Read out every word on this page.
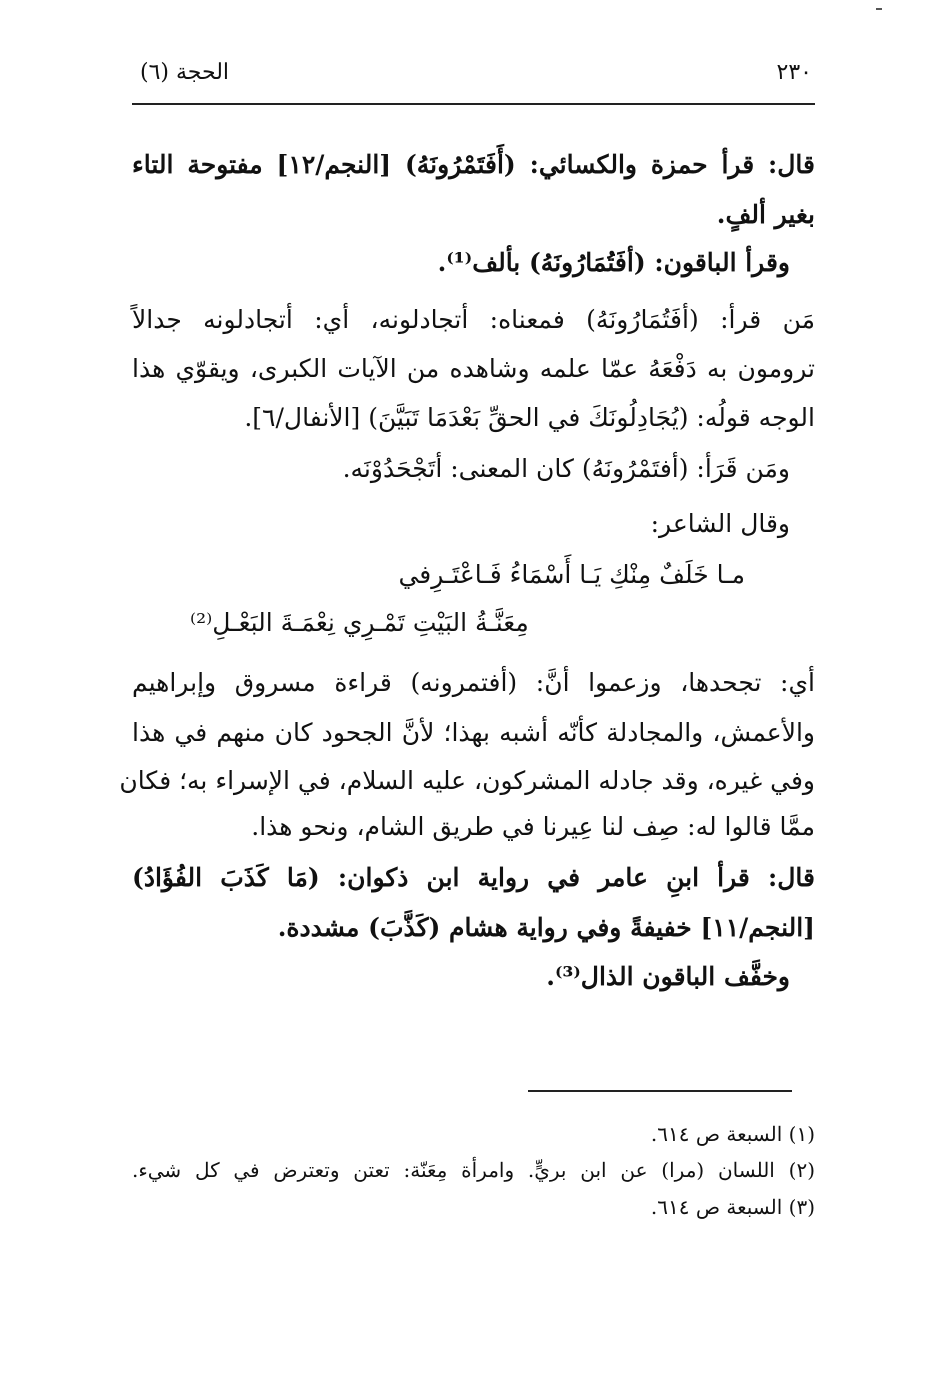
٢٣٠
الحجة (٦)
قال: قرأ حمزة والكسائي: (أَفَتَمْرُونَهُ) [النجم/١٢] مفتوحة التاء
بغير ألفٍ.
وقرأ الباقون: (أفَتُمَارُونَهُ) بألف⁽¹⁾.
مَن قرأ: (أفَتُمَارُونَهُ) فمعناه: أتجادلونه، أي: أتجادلونه جدالاً
ترومون به دَفْعَهُ عمّا علمه وشاهده من الآيات الكبرى، ويقوّي هذا
الوجه قولُه: (يُجَادِلُونَكَ في الحقِّ بَعْدَمَا تَبَيَّنَ) [الأنفال/٦].
ومَن قَرَأ: (أفتَمْرُونَهُ) كان المعنى: أتَجْحَدُوْنَه.
وقال الشاعر:
مـا خَلَفٌ مِنْكِ يَـا أَسْمَاءُ فَـاعْتَـرِفي
مِعَنَّـةُ البَيْتِ تَمْـرِي نِعْمَـةَ البَعْـلِ⁽²⁾
أي: تجحدها، وزعموا أنَّ: (أفتمرونه) قراءة مسروق وإبراهيم
والأعمش، والمجادلة كأنّه أشبه بهذا؛ لأنَّ الجحود كان منهم في هذا
وفي غيره، وقد جادله المشركون، عليه السلام، في الإسراء به؛ فكان
ممَّا قالوا له: صِف لنا عِيرنا في طريق الشام، ونحو هذا.
قال: قرأ ابنِ عامر في رواية ابن ذكوان: (مَا كَذَبَ الفُؤَادُ)
[النجم/١١] خفيفةً وفي رواية هشام (كَذَّبَ) مشددة.
وخفَّف الباقون الذال⁽³⁾.
(١) السبعة ص ٦١٤.
(٢) اللسان (مرا) عن ابن بريٍّ. وامرأة مِعَنّة: تعتن وتعترض في كل شيء.
(٣) السبعة ص ٦١٤.
